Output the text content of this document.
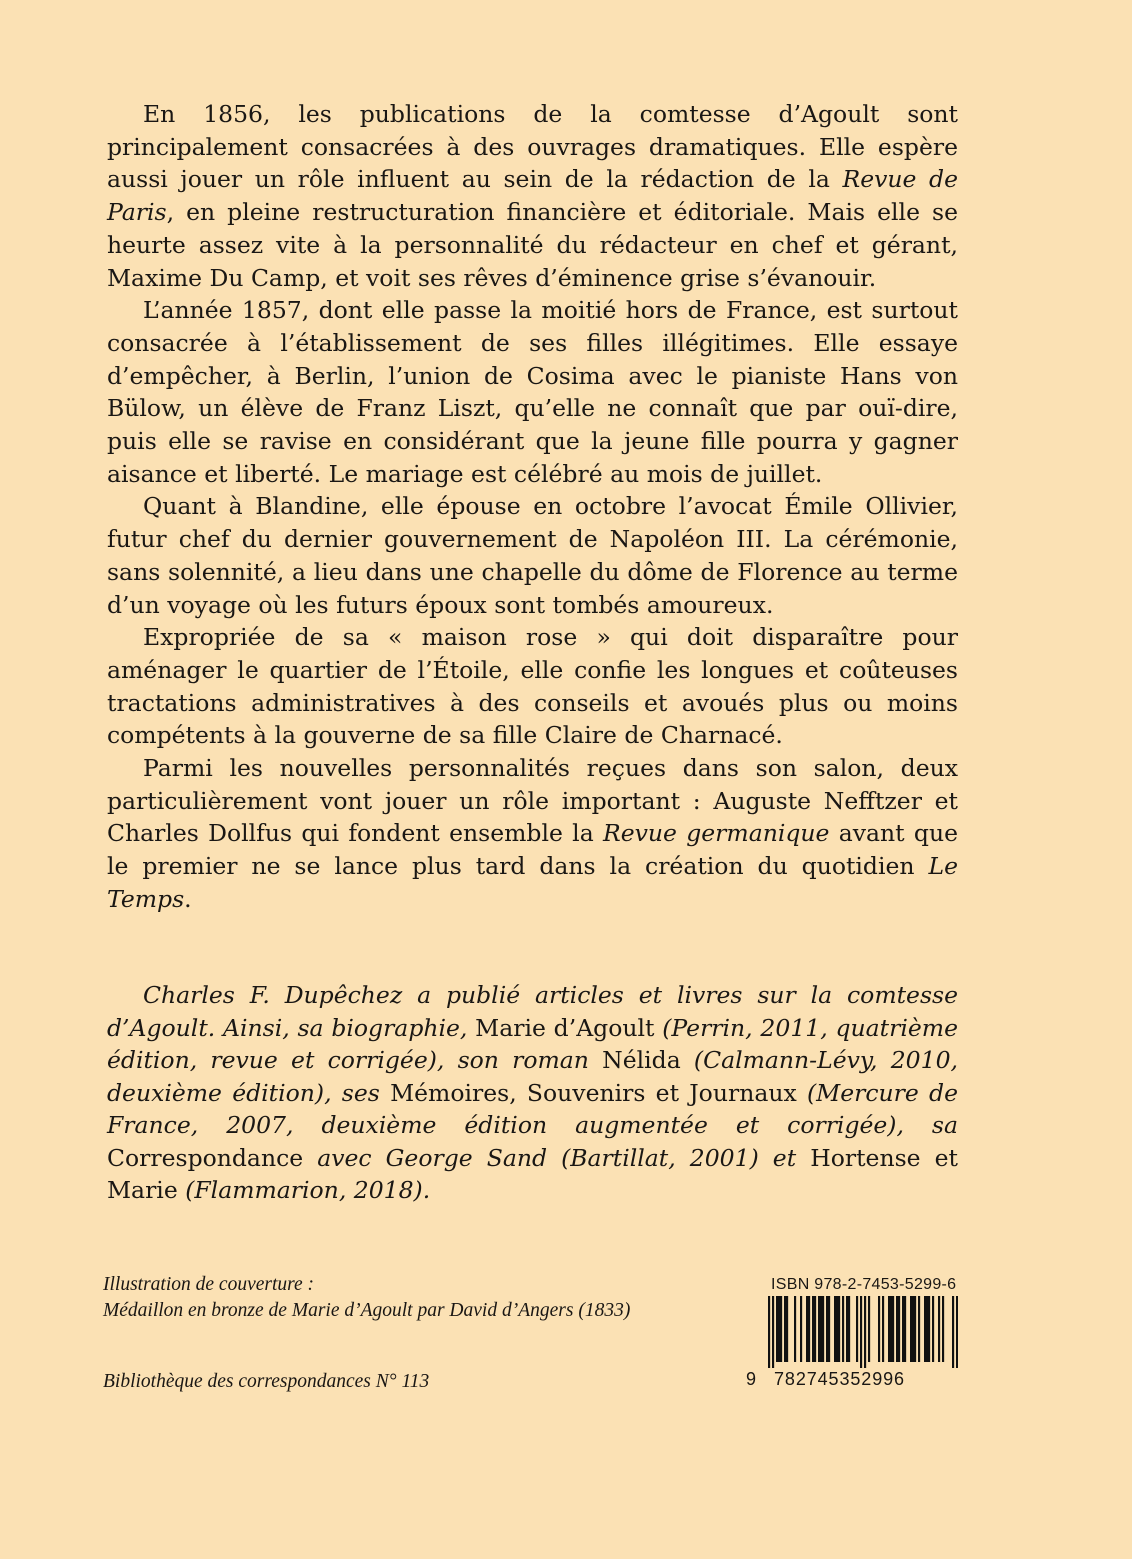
En 1856, les publications de la comtesse d’Agoult sont principalement consacrées à des ouvrages dramatiques. Elle espère aussi jouer un rôle influent au sein de la rédaction de la Revue de Paris, en pleine restructuration financière et éditoriale. Mais elle se heurte assez vite à la personnalité du rédacteur en chef et gérant, Maxime Du Camp, et voit ses rêves d’éminence grise s’évanouir.

L’année 1857, dont elle passe la moitié hors de France, est surtout consacrée à l’établissement de ses filles illégitimes. Elle essaye d’empêcher, à Berlin, l’union de Cosima avec le pianiste Hans von Bülow, un élève de Franz Liszt, qu’elle ne connaît que par ouï-dire, puis elle se ravise en considérant que la jeune fille pourra y gagner aisance et liberté. Le mariage est célébré au mois de juillet.

Quant à Blandine, elle épouse en octobre l’avocat Émile Ollivier, futur chef du dernier gouvernement de Napoléon III. La cérémonie, sans solennité, a lieu dans une chapelle du dôme de Florence au terme d’un voyage où les futurs époux sont tombés amoureux.

Expropriée de sa « maison rose » qui doit disparaître pour aménager le quartier de l’Étoile, elle confie les longues et coûteuses tractations administratives à des conseils et avoués plus ou moins compétents à la gouverne de sa fille Claire de Charnacé.

Parmi les nouvelles personnalités reçues dans son salon, deux particulièrement vont jouer un rôle important : Auguste Nefftzer et Charles Dollfus qui fondent ensemble la Revue germanique avant que le premier ne se lance plus tard dans la création du quotidien Le Temps.

Charles F. Dupêchez a publié articles et livres sur la comtesse d’Agoult. Ainsi, sa biographie, Marie d’Agoult (Perrin, 2011, quatrième édition, revue et corrigée), son roman Nélida (Calmann-Lévy, 2010, deuxième édition), ses Mémoires, Souvenirs et Journaux (Mercure de France, 2007, deuxième édition augmentée et corrigée), sa Correspondance avec George Sand (Bartillat, 2001) et Hortense et Marie (Flammarion, 2018).

Illustration de couverture :
Médaillon en bronze de Marie d’Agoult par David d’Angers (1833)
Bibliothèque des correspondances N° 113
ISBN 978-2-7453-5299-6
9 782745352996
